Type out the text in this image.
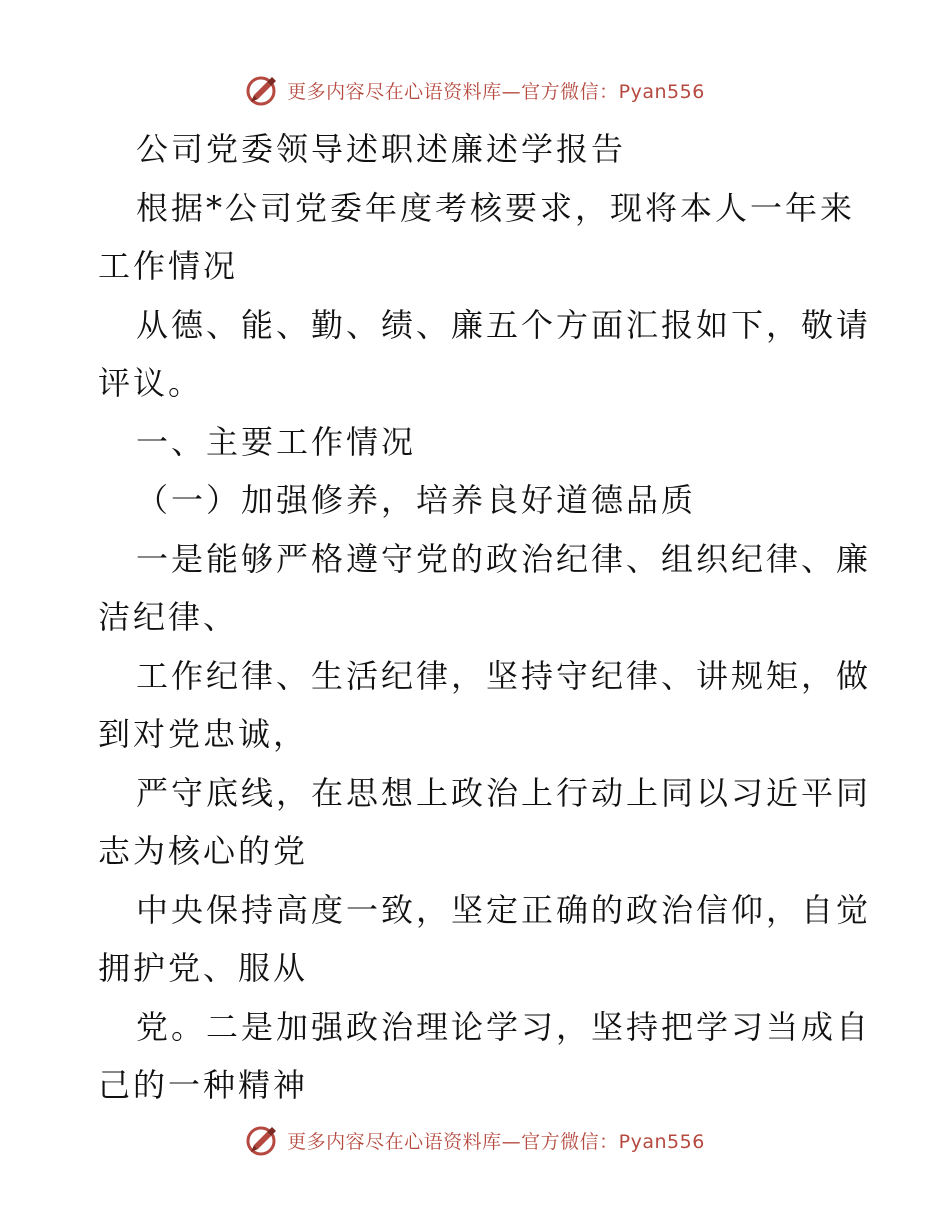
更多内容尽在心语资料库—官方微信：Pyan556

公司党委领导述职述廉述学报告

根据*公司党委年度考核要求，现将本人一年来

工作情况

从德、能、勤、绩、廉五个方面汇报如下，敬请

评议。

一、主要工作情况

（一）加强修养，培养良好道德品质

一是能够严格遵守党的政治纪律、组织纪律、廉

洁纪律、

工作纪律、生活纪律，坚持守纪律、讲规矩，做

到对党忠诚，

严守底线，在思想上政治上行动上同以习近平同

志为核心的党

中央保持高度一致，坚定正确的政治信仰，自觉

拥护党、服从

党。二是加强政治理论学习，坚持把学习当成自

己的一种精神

更多内容尽在心语资料库—官方微信：Pyan556
